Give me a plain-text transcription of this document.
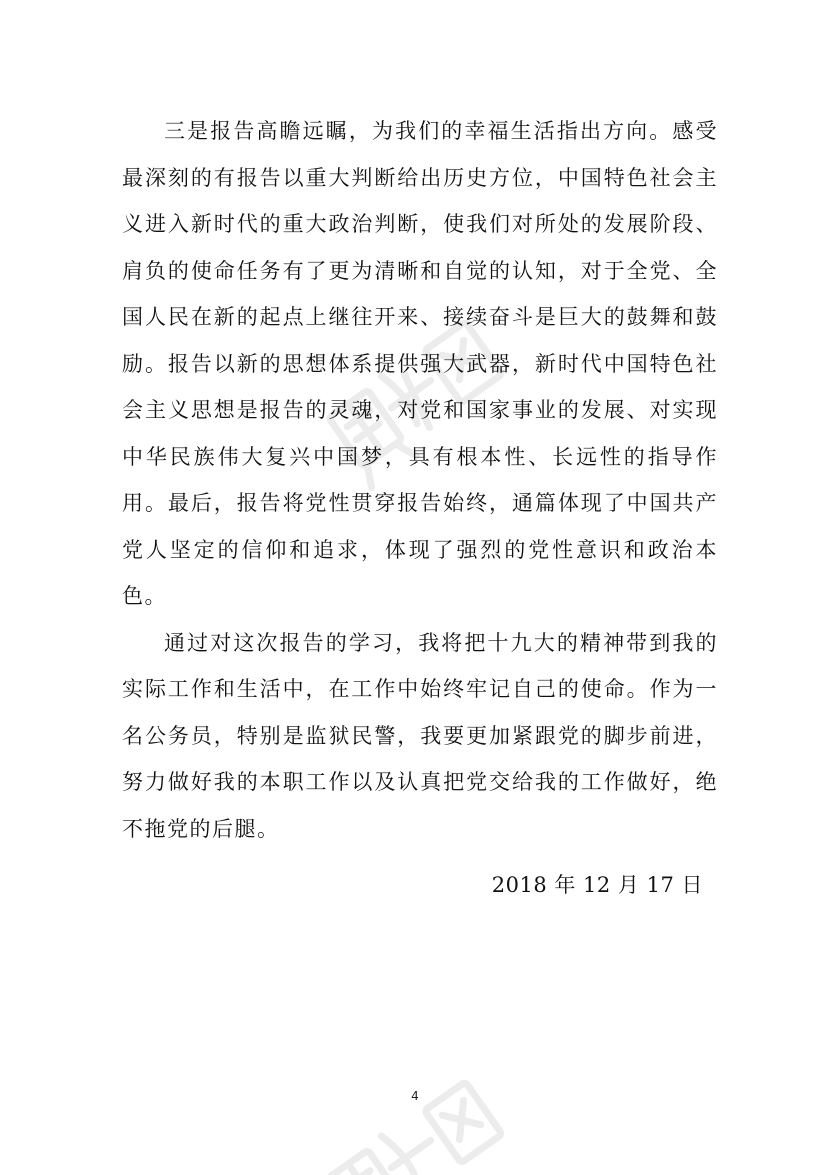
三是报告高瞻远瞩，为我们的幸福生活指出方向。感受最深刻的有报告以重大判断给出历史方位，中国特色社会主义进入新时代的重大政治判断，使我们对所处的发展阶段、肩负的使命任务有了更为清晰和自觉的认知，对于全党、全国人民在新的起点上继往开来、接续奋斗是巨大的鼓舞和鼓励。报告以新的思想体系提供强大武器，新时代中国特色社会主义思想是报告的灵魂，对党和国家事业的发展、对实现中华民族伟大复兴中国梦，具有根本性、长远性的指导作用。最后，报告将党性贯穿报告始终，通篇体现了中国共产党人坚定的信仰和追求，体现了强烈的党性意识和政治本色。

通过对这次报告的学习，我将把十九大的精神带到我的实际工作和生活中，在工作中始终牢记自己的使命。作为一名公务员，特别是监狱民警，我要更加紧跟党的脚步前进，努力做好我的本职工作以及认真把党交给我的工作做好，绝不拖党的后腿。

2018 年 12 月 17 日
4
